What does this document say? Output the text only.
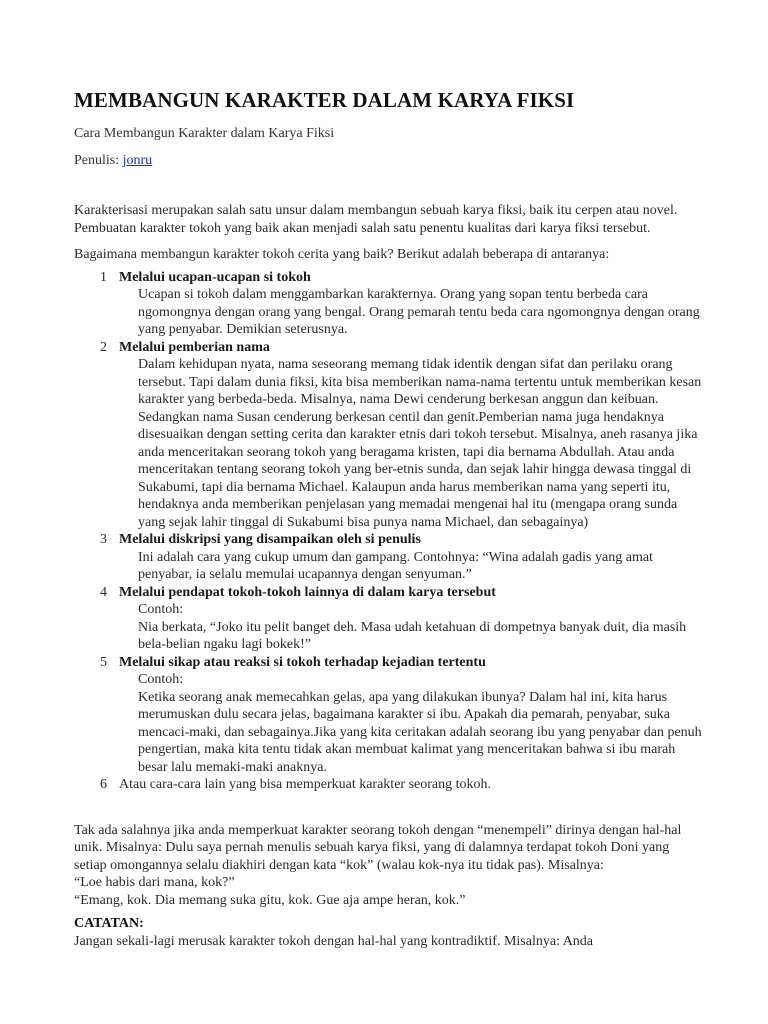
MEMBANGUN KARAKTER DALAM KARYA FIKSI
Cara Membangun Karakter dalam Karya Fiksi
Penulis: jonru

Karakterisasi merupakan salah satu unsur dalam membangun sebuah karya fiksi, baik itu cerpen atau novel. Pembuatan karakter tokoh yang baik akan menjadi salah satu penentu kualitas dari karya fiksi tersebut.

Bagaimana membangun karakter tokoh cerita yang baik? Berikut adalah beberapa di antaranya:

1 Melalui ucapan-ucapan si tokoh
Ucapan si tokoh dalam menggambarkan karakternya. Orang yang sopan tentu berbeda cara ngomongnya dengan orang yang bengal. Orang pemarah tentu beda cara ngomongnya dengan orang yang penyabar. Demikian seterusnya.
2 Melalui pemberian nama
Dalam kehidupan nyata, nama seseorang memang tidak identik dengan sifat dan perilaku orang tersebut. Tapi dalam dunia fiksi, kita bisa memberikan nama-nama tertentu untuk memberikan kesan karakter yang berbeda-beda. Misalnya, nama Dewi cenderung berkesan anggun dan keibuan. Sedangkan nama Susan cenderung berkesan centil dan genit.Pemberian nama juga hendaknya disesuaikan dengan setting cerita dan karakter etnis dari tokoh tersebut. Misalnya, aneh rasanya jika anda menceritakan seorang tokoh yang beragama kristen, tapi dia bernama Abdullah. Atau anda menceritakan tentang seorang tokoh yang ber-etnis sunda, dan sejak lahir hingga dewasa tinggal di Sukabumi, tapi dia bernama Michael. Kalaupun anda harus memberikan nama yang seperti itu, hendaknya anda memberikan penjelasan yang memadai mengenai hal itu (mengapa orang sunda yang sejak lahir tinggal di Sukabumi bisa punya nama Michael, dan sebagainya)
3 Melalui diskripsi yang disampaikan oleh si penulis
Ini adalah cara yang cukup umum dan gampang. Contohnya: “Wina adalah gadis yang amat penyabar, ia selalu memulai ucapannya dengan senyuman.”
4 Melalui pendapat tokoh-tokoh lainnya di dalam karya tersebut
Contoh:
Nia berkata, “Joko itu pelit banget deh. Masa udah ketahuan di dompetnya banyak duit, dia masih bela-belian ngaku lagi bokek!”
5 Melalui sikap atau reaksi si tokoh terhadap kejadian tertentu
Contoh:
Ketika seorang anak memecahkan gelas, apa yang dilakukan ibunya? Dalam hal ini, kita harus merumuskan dulu secara jelas, bagaimana karakter si ibu. Apakah dia pemarah, penyabar, suka mencaci-maki, dan sebagainya.Jika yang kita ceritakan adalah seorang ibu yang penyabar dan penuh pengertian, maka kita tentu tidak akan membuat kalimat yang menceritakan bahwa si ibu marah besar lalu memaki-maki anaknya.
6 Atau cara-cara lain yang bisa memperkuat karakter seorang tokoh.

Tak ada salahnya jika anda memperkuat karakter seorang tokoh dengan “menempeli” dirinya dengan hal-hal unik. Misalnya: Dulu saya pernah menulis sebuah karya fiksi, yang di dalamnya terdapat tokoh Doni yang setiap omongannya selalu diakhiri dengan kata “kok” (walau kok-nya itu tidak pas). Misalnya:
“Loe habis dari mana, kok?”
“Emang, kok. Dia memang suka gitu, kok. Gue aja ampe heran, kok.”

CATATAN:

Jangan sekali-lagi merusak karakter tokoh dengan hal-hal yang kontradiktif. Misalnya: Anda
